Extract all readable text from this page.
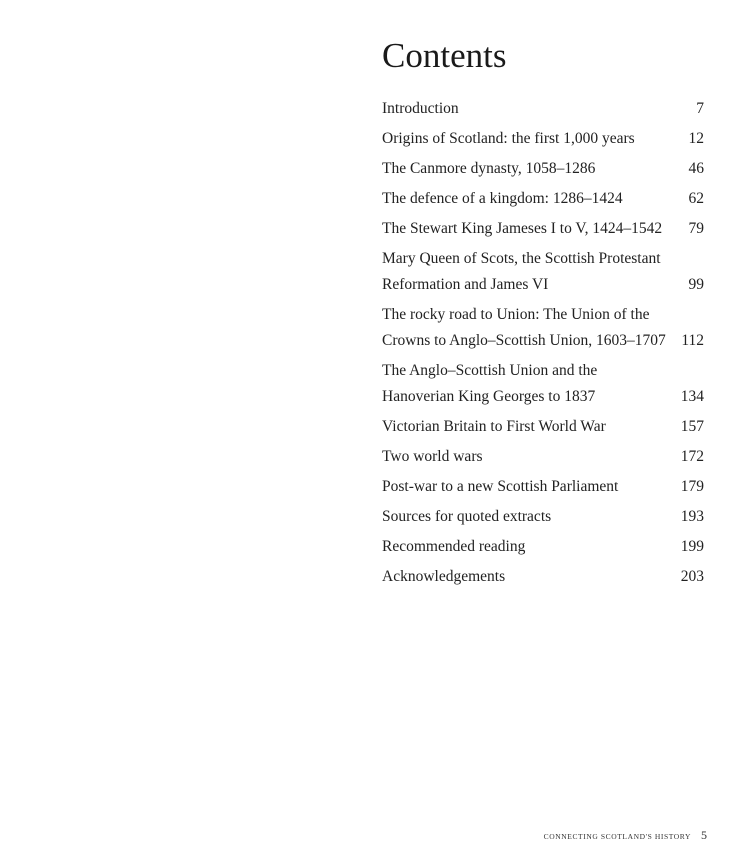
Contents
Introduction	7
Origins of Scotland: the first 1,000 years	12
The Canmore dynasty, 1058–1286	46
The defence of a kingdom: 1286–1424	62
The Stewart King Jameses I to V, 1424–1542	79
Mary Queen of Scots, the Scottish Protestant Reformation and James VI	99
The rocky road to Union: The Union of the Crowns to Anglo–Scottish Union, 1603–1707	112
The Anglo–Scottish Union and the Hanoverian King Georges to 1837	134
Victorian Britain to First World War	157
Two world wars	172
Post-war to a new Scottish Parliament	179
Sources for quoted extracts	193
Recommended reading	199
Acknowledgements	203
CONNECTING SCOTLAND'S HISTORY 5
